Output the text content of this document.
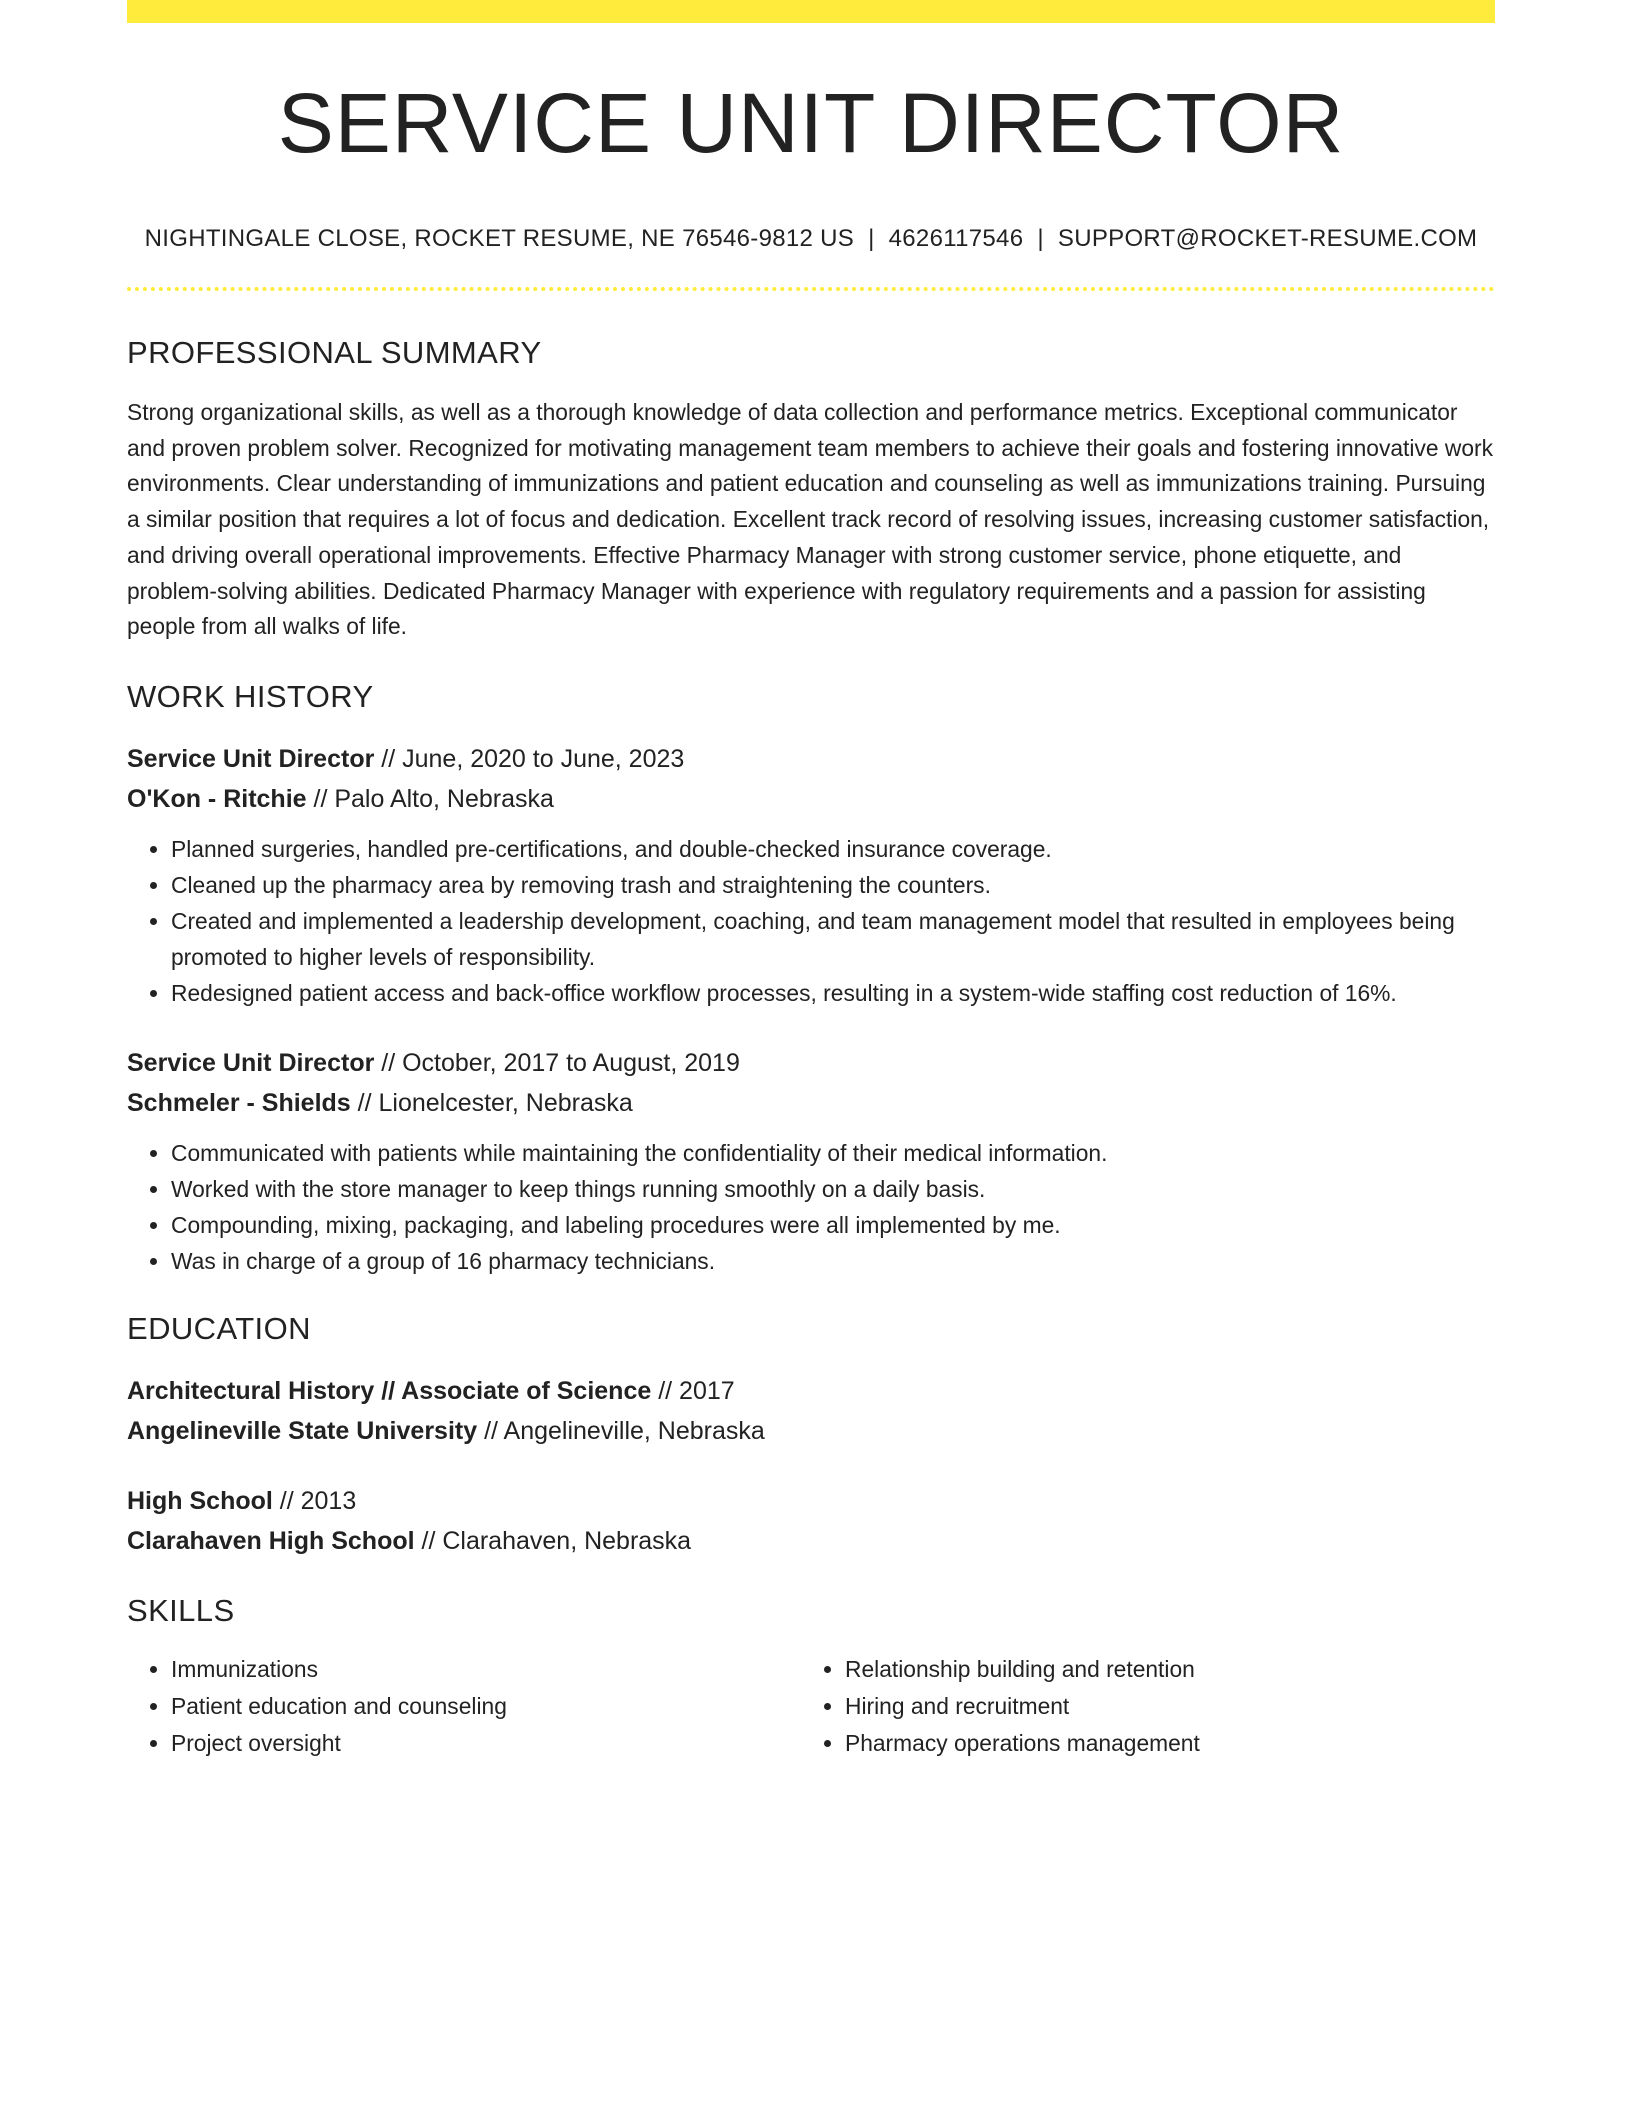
SERVICE UNIT DIRECTOR
NIGHTINGALE CLOSE, ROCKET RESUME, NE 76546-9812 US | 4626117546 | SUPPORT@ROCKET-RESUME.COM
PROFESSIONAL SUMMARY
Strong organizational skills, as well as a thorough knowledge of data collection and performance metrics. Exceptional communicator and proven problem solver. Recognized for motivating management team members to achieve their goals and fostering innovative work environments. Clear understanding of immunizations and patient education and counseling as well as immunizations training. Pursuing a similar position that requires a lot of focus and dedication. Excellent track record of resolving issues, increasing customer satisfaction, and driving overall operational improvements. Effective Pharmacy Manager with strong customer service, phone etiquette, and problem-solving abilities. Dedicated Pharmacy Manager with experience with regulatory requirements and a passion for assisting people from all walks of life.
WORK HISTORY
Service Unit Director // June, 2020 to June, 2023
O'Kon - Ritchie // Palo Alto, Nebraska
• Planned surgeries, handled pre-certifications, and double-checked insurance coverage.
• Cleaned up the pharmacy area by removing trash and straightening the counters.
• Created and implemented a leadership development, coaching, and team management model that resulted in employees being promoted to higher levels of responsibility.
• Redesigned patient access and back-office workflow processes, resulting in a system-wide staffing cost reduction of 16%.
Service Unit Director // October, 2017 to August, 2019
Schmeler - Shields // Lionelcester, Nebraska
• Communicated with patients while maintaining the confidentiality of their medical information.
• Worked with the store manager to keep things running smoothly on a daily basis.
• Compounding, mixing, packaging, and labeling procedures were all implemented by me.
• Was in charge of a group of 16 pharmacy technicians.
EDUCATION
Architectural History // Associate of Science // 2017
Angelineville State University // Angelineville, Nebraska
High School // 2013
Clarahaven High School // Clarahaven, Nebraska
SKILLS
• Immunizations
• Patient education and counseling
• Project oversight
• Relationship building and retention
• Hiring and recruitment
• Pharmacy operations management
